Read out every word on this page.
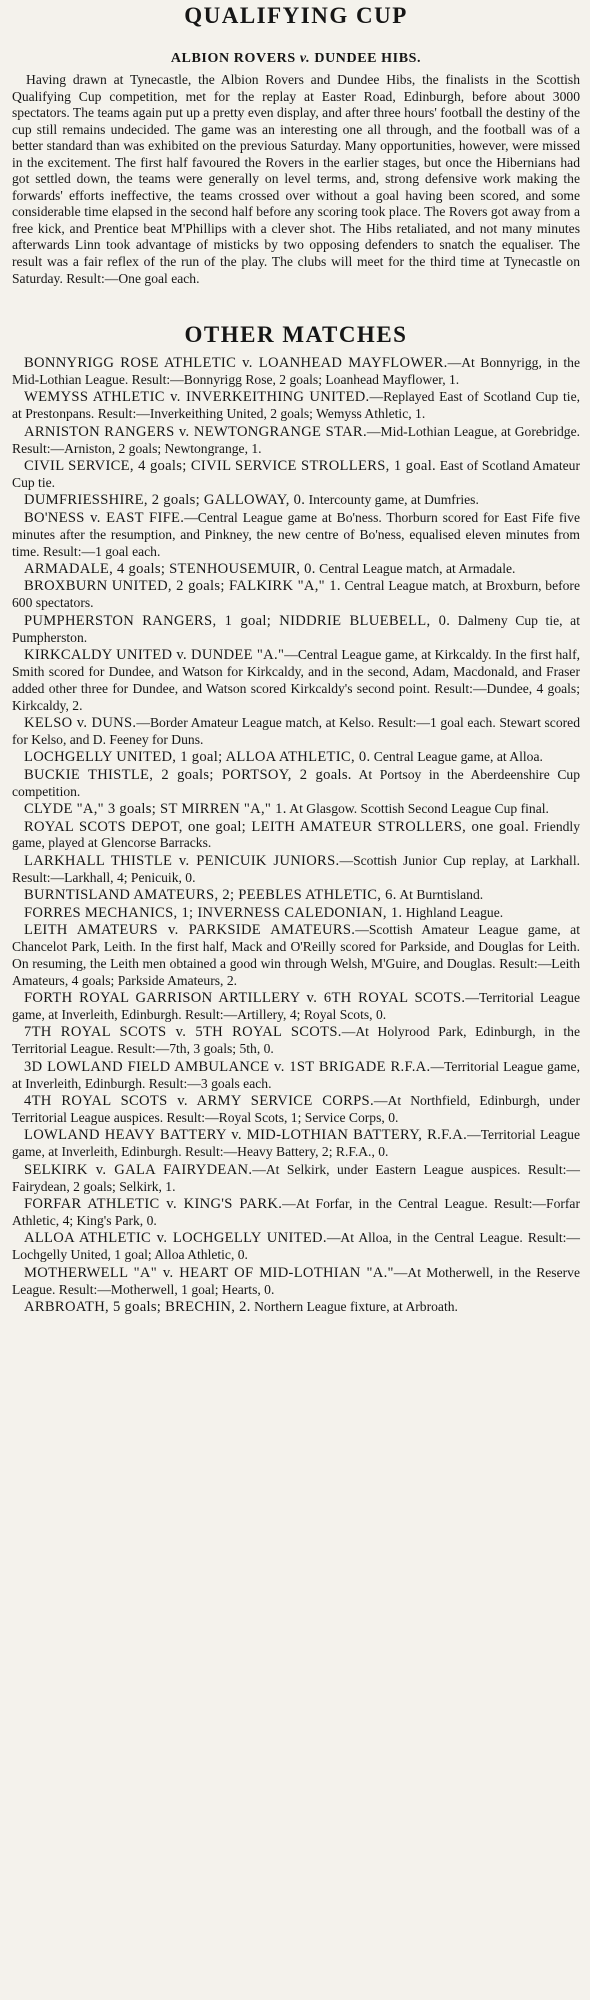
QUALIFYING CUP
ALBION ROVERS v. DUNDEE HIBS.

Having drawn at Tynecastle, the Albion Rovers and Dundee Hibs, the finalists in the Scottish Qualifying Cup competition, met for the replay at Easter Road, Edinburgh, before about 3000 spectators. The teams again put up a pretty even display, and after three hours' football the destiny of the cup still remains undecided. The game was an interesting one all through, and the football was of a better standard than was exhibited on the previous Saturday. Many opportunities, however, were missed in the excitement. The first half favoured the Rovers in the earlier stages, but once the Hibernians had got settled down, the teams were generally on level terms, and, strong defensive work making the forwards' efforts ineffective, the teams crossed over without a goal having been scored, and some considerable time elapsed in the second half before any scoring took place. The Rovers got away from a free kick, and Prentice beat M'Phillips with a clever shot. The Hibs retaliated, and not many minutes afterwards Linn took advantage of misticks by two opposing defenders to snatch the equaliser. The result was a fair reflex of the run of the play. The clubs will meet for the third time at Tynecastle on Saturday. Result:—One goal each.

OTHER MATCHES
BONNYRIGG ROSE ATHLETIC v. LOANHEAD MAYFLOWER.—At Bonnyrigg, in the Mid-Lothian League. Result:—Bonnyrigg Rose, 2 goals; Loanhead Mayflower, 1.
WEMYSS ATHLETIC v. INVERKEITHING UNITED.—Replayed East of Scotland Cup tie, at Prestonpans. Result:—Inverkeithing United, 2 goals; Wemyss Athletic, 1.
ARNISTON RANGERS v. NEWTONGRANGE STAR.—Mid-Lothian League, at Gorebridge. Result:—Arniston, 2 goals; Newtongrange, 1.
CIVIL SERVICE, 4 goals; CIVIL SERVICE STROLLERS, 1 goal. East of Scotland Amateur Cup tie.
DUMFRIESSHIRE, 2 goals; GALLOWAY, 0. Intercounty game, at Dumfries.
BO'NESS v. EAST FIFE.—Central League game at Bo'ness. Thorburn scored for East Fife five minutes after the resumption, and Pinkney, the new centre of Bo'ness, equalised eleven minutes from time. Result:—1 goal each.
ARMADALE, 4 goals; STENHOUSEMUIR, 0. Central League match, at Armadale.
BROXBURN UNITED, 2 goals; FALKIRK "A," 1. Central League match, at Broxburn, before 600 spectators.
PUMPHERSTON RANGERS, 1 goal; NIDDRIE BLUEBELL, 0. Dalmeny Cup tie, at Pumpherston.
KIRKCALDY UNITED v. DUNDEE "A."—Central League game, at Kirkcaldy. In the first half, Smith scored for Dundee, and Watson for Kirkcaldy, and in the second, Adam, Macdonald, and Fraser added other three for Dundee, and Watson scored Kirkcaldy's second point. Result:—Dundee, 4 goals; Kirkcaldy, 2.
KELSO v. DUNS.—Border Amateur League match, at Kelso. Result:—1 goal each. Stewart scored for Kelso, and D. Feeney for Duns.
LOCHGELLY UNITED, 1 goal; ALLOA ATHLETIC, 0. Central League game, at Alloa.
BUCKIE THISTLE, 2 goals; PORTSOY, 2 goals. At Portsoy in the Aberdeenshire Cup competition.
CLYDE "A," 3 goals; ST MIRREN "A," 1. At Glasgow. Scottish Second League Cup final.
ROYAL SCOTS DEPOT, one goal; LEITH AMATEUR STROLLERS, one goal. Friendly game, played at Glencorse Barracks.
LARKHALL THISTLE v. PENICUIK JUNIORS.—Scottish Junior Cup replay, at Larkhall. Result:—Larkhall, 4; Penicuik, 0.
BURNTISLAND AMATEURS, 2; PEEBLES ATHLETIC, 6. At Burntisland.
FORRES MECHANICS, 1; INVERNESS CALEDONIAN, 1. Highland League.
LEITH AMATEURS v. PARKSIDE AMATEURS.—Scottish Amateur League game, at Chancelot Park, Leith. In the first half, Mack and O'Reilly scored for Parkside, and Douglas for Leith. On resuming, the Leith men obtained a good win through Welsh, M'Guire, and Douglas. Result:—Leith Amateurs, 4 goals; Parkside Amateurs, 2.
FORTH ROYAL GARRISON ARTILLERY v. 6TH ROYAL SCOTS.—Territorial League game, at Inverleith, Edinburgh. Result:—Artillery, 4; Royal Scots, 0.
7TH ROYAL SCOTS v. 5TH ROYAL SCOTS.—At Holyrood Park, Edinburgh, in the Territorial League. Result:—7th, 3 goals; 5th, 0.
3D LOWLAND FIELD AMBULANCE v. 1ST BRIGADE R.F.A.—Territorial League game, at Inverleith, Edinburgh. Result:—3 goals each.
4TH ROYAL SCOTS v. ARMY SERVICE CORPS.—At Northfield, Edinburgh, under Territorial League auspices. Result:—Royal Scots, 1; Service Corps, 0.
LOWLAND HEAVY BATTERY v. MID-LOTHIAN BATTERY, R.F.A.—Territorial League game, at Inverleith, Edinburgh. Result:—Heavy Battery, 2; R.F.A., 0.
SELKIRK v. GALA FAIRYDEAN.—At Selkirk, under Eastern League auspices. Result:—Fairydean, 2 goals; Selkirk, 1.
FORFAR ATHLETIC v. KING'S PARK.—At Forfar, in the Central League. Result:—Forfar Athletic, 4; King's Park, 0.
ALLOA ATHLETIC v. LOCHGELLY UNITED.—At Alloa, in the Central League. Result:—Lochgelly United, 1 goal; Alloa Athletic, 0.
MOTHERWELL "A" v. HEART OF MID-LOTHIAN "A."—At Motherwell, in the Reserve League. Result:—Motherwell, 1 goal; Hearts, 0.
ARBROATH, 5 goals; BRECHIN, 2. Northern League fixture, at Arbroath.
